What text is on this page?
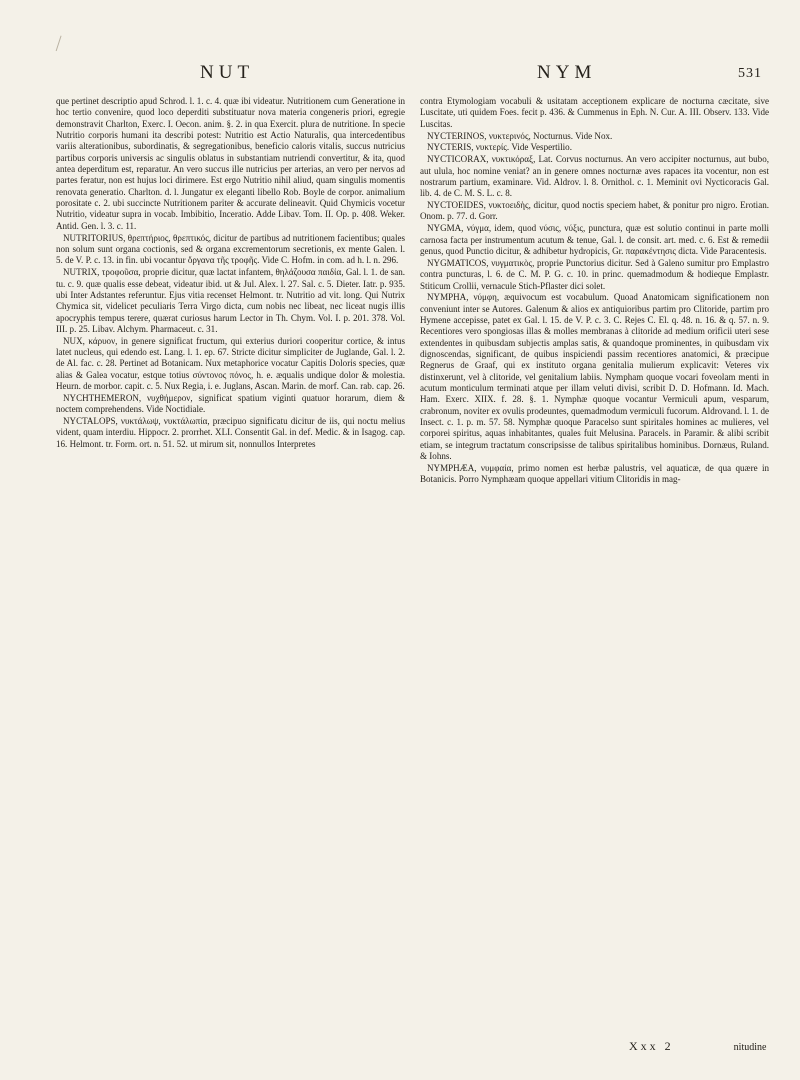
NUT	NYM	531

que pertinet descriptio apud Schrod. l. 1. c. 4. quæ ibi videatur. Nutritionem cum Generatione in hoc tertio convenire, quod loco deperditi substituatur nova materia congeneris priori, egregie demonstravit Charlton, Exerc. I. Oecon. anim. §. 2. in qua Exercit. plura de nutritione. In specie Nutritio corporis humani ita describi potest: Nutritio est Actio Naturalis, qua intercedentibus variis alterationibus, subordinatis, & segregationibus, beneficio caloris vitalis, succus nutricius partibus corporis universis ac singulis oblatus in substantiam nutriendi convertitur, & ita, quod antea deperditum est, reparatur. An vero succus ille nutricius per arterias, an vero per nervos ad partes feratur, non est hujus loci dirimere. Est ergo Nutritio nihil aliud, quam singulis momentis renovata generatio. Charlton. d. l. Jungatur ex eleganti libello Rob. Boyle de corpor. animalium porositate c. 2. ubi succincte Nutritionem pariter & accurate delineavit. Quid Chymicis vocetur Nutritio, videatur supra in vocab. Imbibitio, Inceratio. Adde Libav. Tom. II. Op. p. 408. Weker. Antid. Gen. l. 3. c. 11.

NUTRITORIUS, θρεπτήριος, θρεπτικός, dicitur de partibus ad nutritionem facientibus; quales non solum sunt organa coctionis, sed & organa excrementorum secretionis, ex mente Galen. l. 5. de V. P. c. 13. in fin. ubi vocantur ὄργανα τῆς τροφῆς. Vide C. Hofm. in com. ad h. l. n. 296.

NUTRIX, τροφοῦσα, proprie dicitur, quæ lactat infantem, θηλάζουσα παιδία, Gal. l. 1. de san. tu. c. 9. quæ qualis esse debeat, videatur ibid. ut & Jul. Alex. l. 27. Sal. c. 5. Dieter. Iatr. p. 935. ubi Inter Adstantes referuntur. Ejus vitia recenset Helmont. tr. Nutritio ad vit. long. Qui Nutrix Chymica sit, videlicet peculiaris Terra Virgo dicta, cum nobis nec libeat, nec liceat nugis illis apocryphis tempus terere, quærat curiosus harum Lector in Th. Chym. Vol. I. p. 201. 378. Vol. III. p. 25. Libav. Alchym. Pharmaceut. c. 31.

NUX, κάρυον, in genere significat fructum, qui exterius duriori cooperitur cortice, & intus latet nucleus, qui edendo est. Lang. l. 1. ep. 67. Stricte dicitur simpliciter de Juglande, Gal. l. 2. de Al. fac. c. 28. Pertinet ad Botanicam. Nux metaphorice vocatur Capitis Doloris species, quæ alias & Galea vocatur, estque totius σύντονος πόνος, h. e. æqualis undique dolor & molestia. Heurn. de morbor. capit. c. 5. Nux Regia, i. e. Juglans, Ascan. Marin. de morf. Can. rab. cap. 26.

NYCHTHEMERON, νυχθήμερον, significat spatium viginti quatuor horarum, diem & noctem comprehendens. Vide Noctidiale.

NYCTALOPS, νυκτάλωψ, νυκτάλωπία, præcipuo significatu dicitur de iis, qui noctu melius vident, quam interdiu. Hippocr. 2. prorrhet. XLI. Consentit Gal. in def. Medic. & in Isagog. cap. 16. Helmont. tr. Form. ort. n. 51. 52. ut mirum sit, nonnullos Interpretes

contra Etymologiam vocabuli & usitatam acceptionem explicare de nocturna cæcitate, sive Luscitate, uti quidem Foes. fecit p. 436. & Cummenus in Eph. N. Cur. A. III. Observ. 133. Vide Luscitas.

NYCTERINOS, νυκτερινός, Nocturnus. Vide Nox.

NYCTERIS, νυκτερίς. Vide Vespertilio.

NYCTICORAX, νυκτικόραξ, Lat. Corvus nocturnus. An vero accipiter nocturnus, aut bubo, aut ulula, hoc nomine veniat? an in genere omnes nocturnæ aves rapaces ita vocentur, non est nostrarum partium, examinare. Vid. Aldrov. l. 8. Ornithol. c. 1. Meminit ovi Nycticoracis Gal. lib. 4. de C. M. S. L. c. 8.

NYCTOEIDES, νυκτοειδὴς, dicitur, quod noctis speciem habet, & ponitur pro nigro. Erotian. Onom. p. 77. d. Gorr.

NYGMA, νύγμα, idem, quod νύσις, νύξις, punctura, quæ est solutio continui in parte molli carnosa facta per instrumentum acutum & tenue, Gal. l. de consit. art. med. c. 6. Est & remedii genus, quod Punctio dicitur, & adhibetur hydropicis, Gr. παρακέντησις dicta. Vide Paracentesis.

NYGMATICOS, νυγματικὸς, proprie Punctorius dicitur. Sed à Galeno sumitur pro Emplastro contra puncturas, l. 6. de C. M. P. G. c. 10. in princ. quemadmodum & hodieque Emplastr. Stiticum Crollii, vernacule Stich-Pflaster dici solet.

NYMPHA, νύμφη, æquivocum est vocabulum. Quoad Anatomicam significationem non conveniunt inter se Autores. Galenum & alios ex antiquioribus partim pro Clitoride, partim pro Hymene accepisse, patet ex Gal. l. 15. de V. P. c. 3. C. Rejes C. El. q. 48. n. 16. & q. 57. n. 9. Recentiores vero spongiosas illas & molles membranas à clitoride ad medium orificii uteri sese extendentes in quibusdam subjectis amplas satis, & quandoque prominentes, in quibusdam vix dignoscendas, significant, de quibus inspiciendi passim recentiores anatomici, & præcipue Regnerus de Graaf, qui ex instituto organa genitalia mulierum explicavit: Veteres vix distinxerunt, vel à clitoride, vel genitalium labiis. Nympham quoque vocari foveolam menti in acutum monticulum terminati atque per illam veluti divisi, scribit D. D. Hofmann. Id. Mach. Ham. Exerc. XIIX. f. 28. §. 1. Nymphæ quoque vocantur Vermiculi apum, vesparum, crabronum, noviter ex ovulis prodeuntes, quemadmodum vermiculi fucorum. Aldrovand. l. 1. de Insect. c. 1. p. m. 57. 58. Nymphæ quoque Paracelso sunt spiritales homines ac mulieres, vel corporei spiritus, aquas inhabitantes, quales fuit Melusina. Paracels. in Paramir. & alibi scribit etiam, se integrum tractatum conscripsisse de talibus spiritalibus hominibus. Dornæus, Ruland. & Iohns.

NYMPHÆA, νυμφαία, primo nomen est herbæ palustris, vel aquaticæ, de qua quære in Botanicis. Porro Nymphæam quoque appellari vitium Clitoridis in mag-

Xxx 2	nitudine
